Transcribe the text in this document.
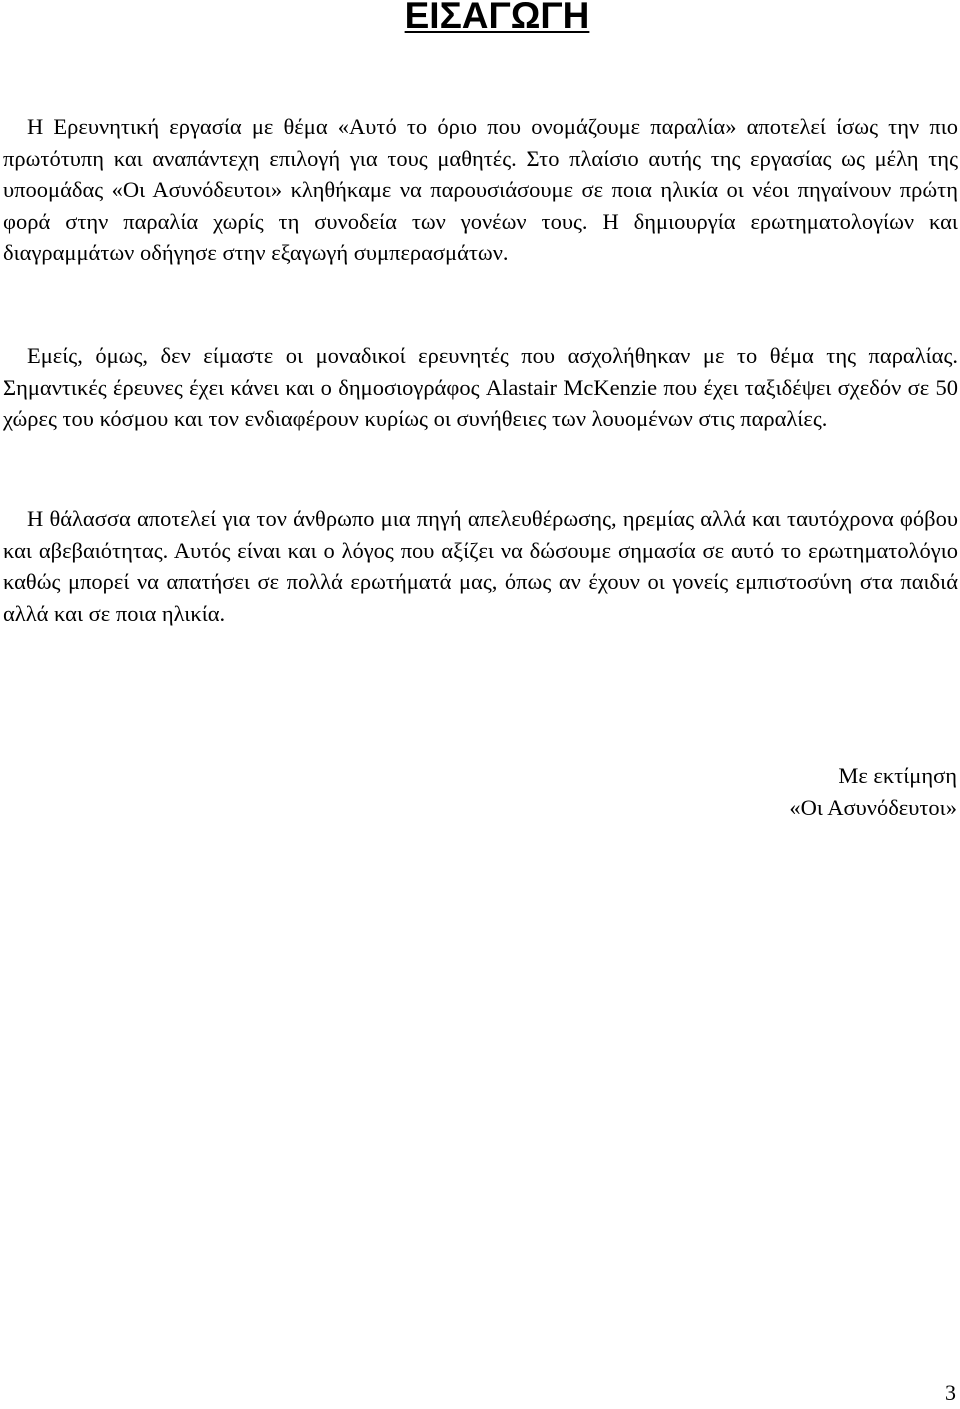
ΕΙΣΑΓΩΓΗ

Η Ερευνητική εργασία με θέμα «Αυτό το όριο που ονομάζουμε παραλία» αποτελεί ίσως την πιο πρωτότυπη και αναπάντεχη επιλογή για τους μαθητές. Στο πλαίσιο αυτής της εργασίας ως μέλη της υποομάδας «Οι Ασυνόδευτοι» κληθήκαμε να παρουσιάσουμε σε ποια ηλικία οι νέοι πηγαίνουν πρώτη φορά στην παραλία χωρίς τη συνοδεία των γονέων τους. Η δημιουργία ερωτηματολογίων και διαγραμμάτων οδήγησε στην εξαγωγή συμπερασμάτων.

Εμείς, όμως, δεν είμαστε οι μοναδικοί ερευνητές που ασχολήθηκαν με το θέμα της παραλίας. Σημαντικές έρευνες έχει κάνει και ο δημοσιογράφος Alastair McKenzie που έχει ταξιδέψει σχεδόν σε 50 χώρες του κόσμου και τον ενδιαφέρουν κυρίως οι συνήθειες των λουομένων στις παραλίες.

Η θάλασσα αποτελεί για τον άνθρωπο μια πηγή απελευθέρωσης, ηρεμίας αλλά και ταυτόχρονα φόβου και αβεβαιότητας. Αυτός είναι και ο λόγος που αξίζει να δώσουμε σημασία σε αυτό το ερωτηματολόγιο καθώς μπορεί να απατήσει σε πολλά ερωτήματά μας, όπως αν έχουν οι γονείς εμπιστοσύνη στα παιδιά αλλά και σε ποια ηλικία.

Με εκτίμηση
«Οι Ασυνόδευτοι»
3
